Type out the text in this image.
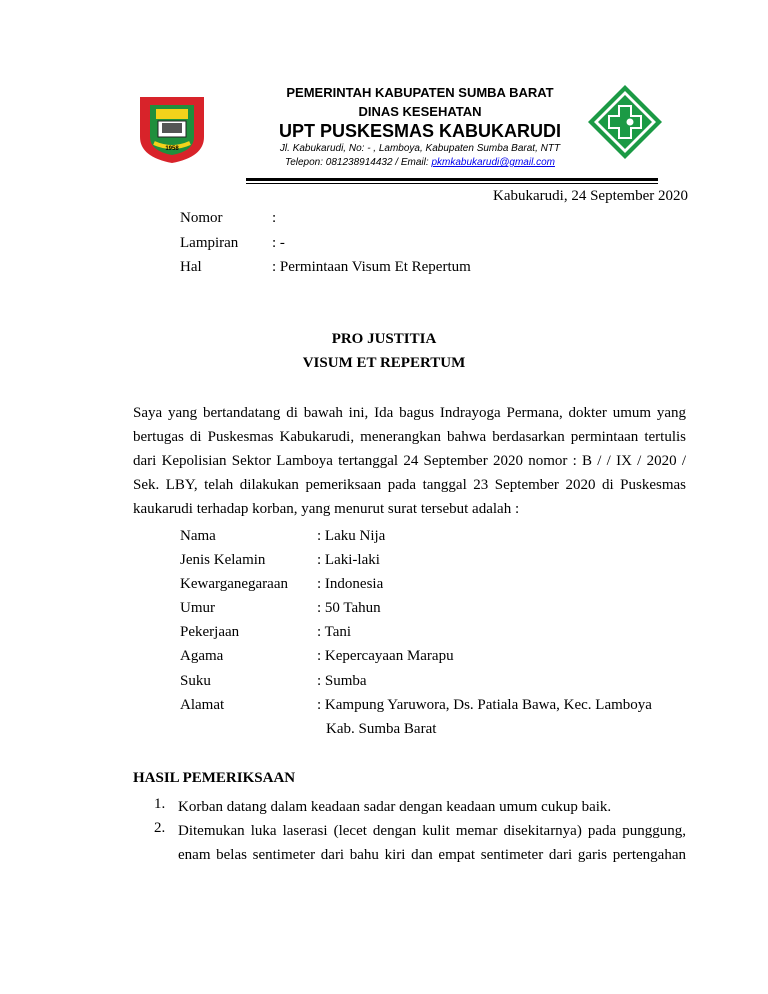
1958
PEMERINTAH KABUPATEN SUMBA BARAT
DINAS KESEHATAN
UPT PUSKESMAS KABUKARUDI
Jl. Kabukarudi, No: - , Lamboya, Kabupaten Sumba Barat, NTT
Telepon: 081238914432 / Email: pkmkabukarudi@gmail.com
Kabukarudi, 24 September 2020
Nomor	:
Lampiran : -
Hal	: Permintaan Visum Et Repertum
PRO JUSTITIA
VISUM ET REPERTUM
Saya yang bertandatang di bawah ini, Ida bagus Indrayoga Permana, dokter umum yang
bertugas di Puskesmas Kabukarudi, menerangkan bahwa berdasarkan permintaan tertulis
dari Kepolisian Sektor Lamboya tertanggal 24 September 2020 nomor : B / / IX / 2020 /
Sek. LBY, telah dilakukan pemeriksaan pada tanggal 23 September 2020 di Puskesmas
kaukarudi terhadap korban, yang menurut surat tersebut adalah :
Nama	: Laku Nija
Jenis Kelamin	: Laki-laki
Kewarganegaraan : Indonesia
Umur	: 50 Tahun
Pekerjaan	: Tani
Agama	: Kepercayaan Marapu
Suku	: Sumba
Alamat	: Kampung Yaruwora, Ds. Patiala Bawa, Kec. Lamboya
Kab. Sumba Barat
HASIL PEMERIKSAAN
1. Korban datang dalam keadaan sadar dengan keadaan umum cukup baik.
2. Ditemukan luka laserasi (lecet dengan kulit memar disekitarnya) pada punggung,
enam belas sentimeter dari bahu kiri dan empat sentimeter dari garis pertengahan
